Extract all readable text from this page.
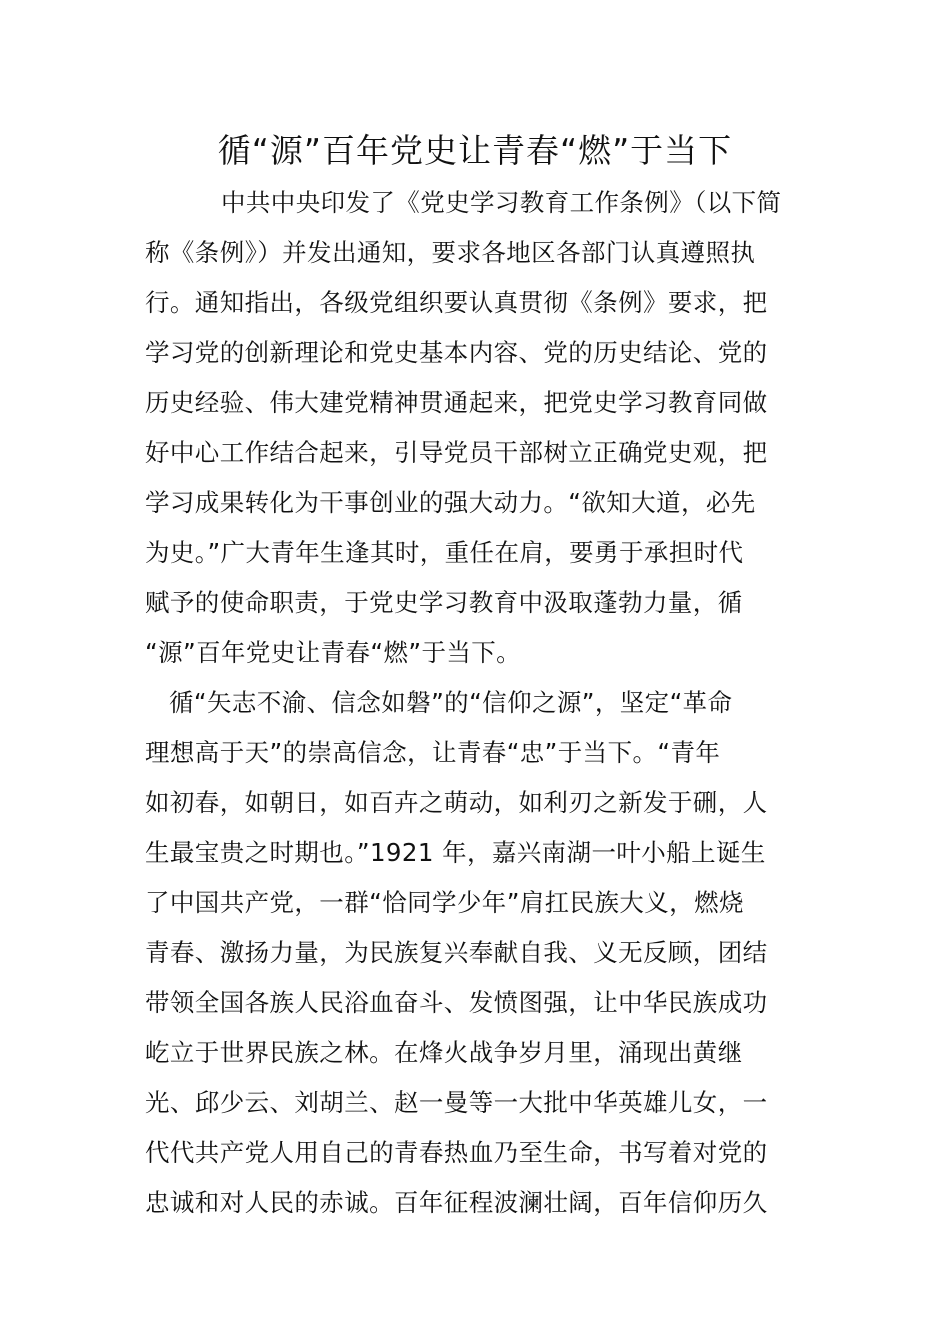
循“源”百年党史让青春“燃”于当下
中共中央印发了《党史学习教育工作条例》（以下简
称《条例》）并发出通知，要求各地区各部门认真遵照执
行。通知指出，各级党组织要认真贯彻《条例》要求，把
学习党的创新理论和党史基本内容、党的历史结论、党的
历史经验、伟大建党精神贯通起来，把党史学习教育同做
好中心工作结合起来，引导党员干部树立正确党史观，把
学习成果转化为干事创业的强大动力。“欲知大道，必先
为史。”广大青年生逢其时，重任在肩，要勇于承担时代
赋予的使命职责，于党史学习教育中汲取蓬勃力量，循
“源”百年党史让青春“燃”于当下。
循“矢志不渝、信念如磐”的“信仰之源”，坚定“革命
理想高于天”的崇高信念，让青春“忠”于当下。“青年
如初春，如朝日，如百卉之萌动，如利刃之新发于硎，人
生最宝贵之时期也。”1921 年，嘉兴南湖一叶小船上诞生
了中国共产党，一群“恰同学少年”肩扛民族大义，燃烧
青春、激扬力量，为民族复兴奉献自我、义无反顾，团结
带领全国各族人民浴血奋斗、发愤图强，让中华民族成功
屹立于世界民族之林。在烽火战争岁月里，涌现出黄继
光、邱少云、刘胡兰、赵一曼等一大批中华英雄儿女，一
代代共产党人用自己的青春热血乃至生命，书写着对党的
忠诚和对人民的赤诚。百年征程波澜壮阔，百年信仰历久
